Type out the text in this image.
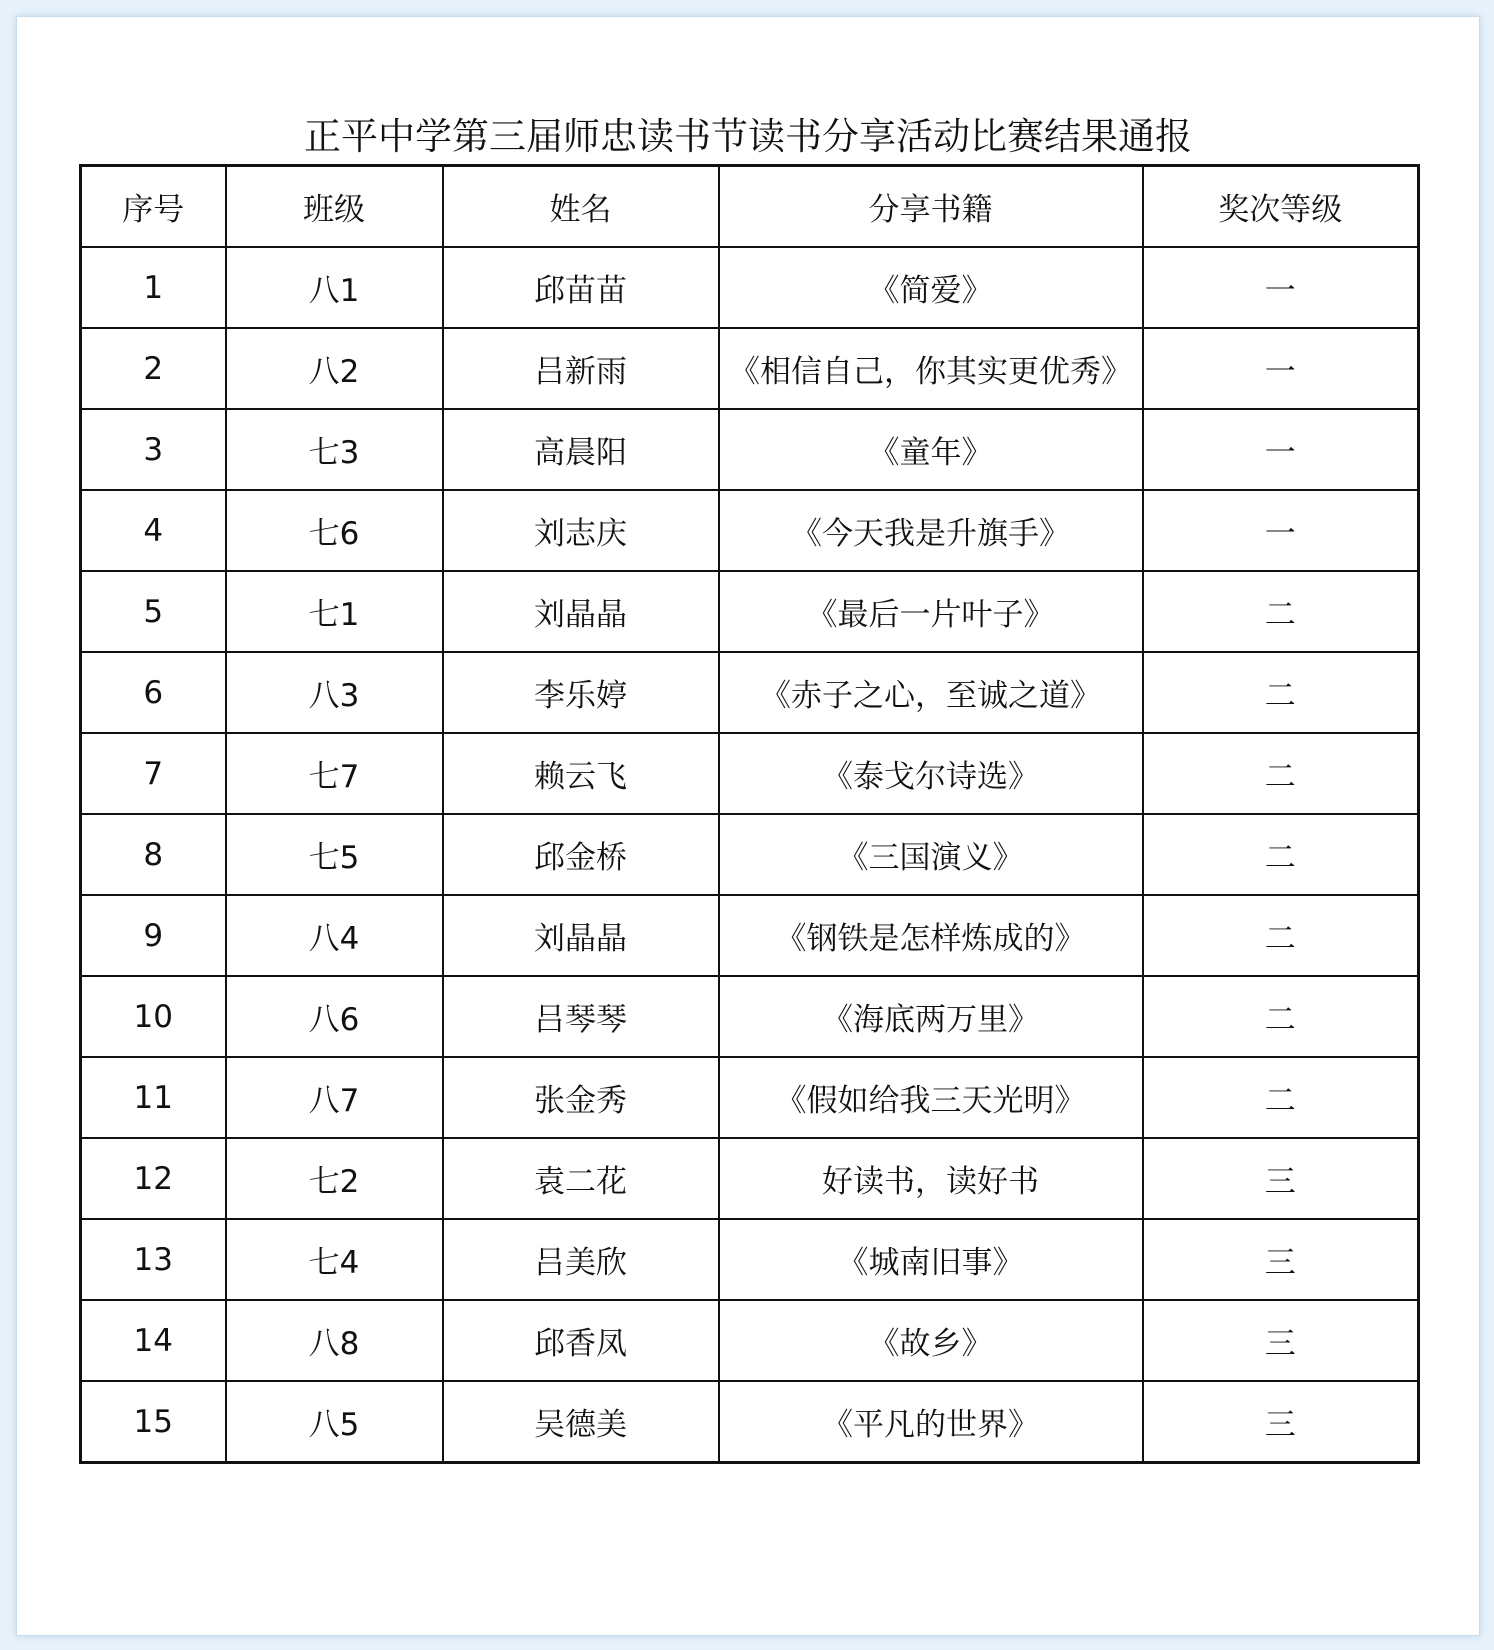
正平中学第三届师忠读书节读书分享活动比赛结果通报
序号	班级	姓名	分享书籍	奖次等级
1	八1	邱苗苗	《简爱》	一
2	八2	吕新雨	《相信自己，你其实更优秀》	一
3	七3	高晨阳	《童年》	一
4	七6	刘志庆	《今天我是升旗手》	一
5	七1	刘晶晶	《最后一片叶子》	二
6	八3	李乐婷	《赤子之心，至诚之道》	二
7	七7	赖云飞	《泰戈尔诗选》	二
8	七5	邱金桥	《三国演义》	二
9	八4	刘晶晶	《钢铁是怎样炼成的》	二
10	八6	吕琴琴	《海底两万里》	二
11	八7	张金秀	《假如给我三天光明》	二
12	七2	袁二花	好读书，读好书	三
13	七4	吕美欣	《城南旧事》	三
14	八8	邱香凤	《故乡》	三
15	八5	吴德美	《平凡的世界》	三
